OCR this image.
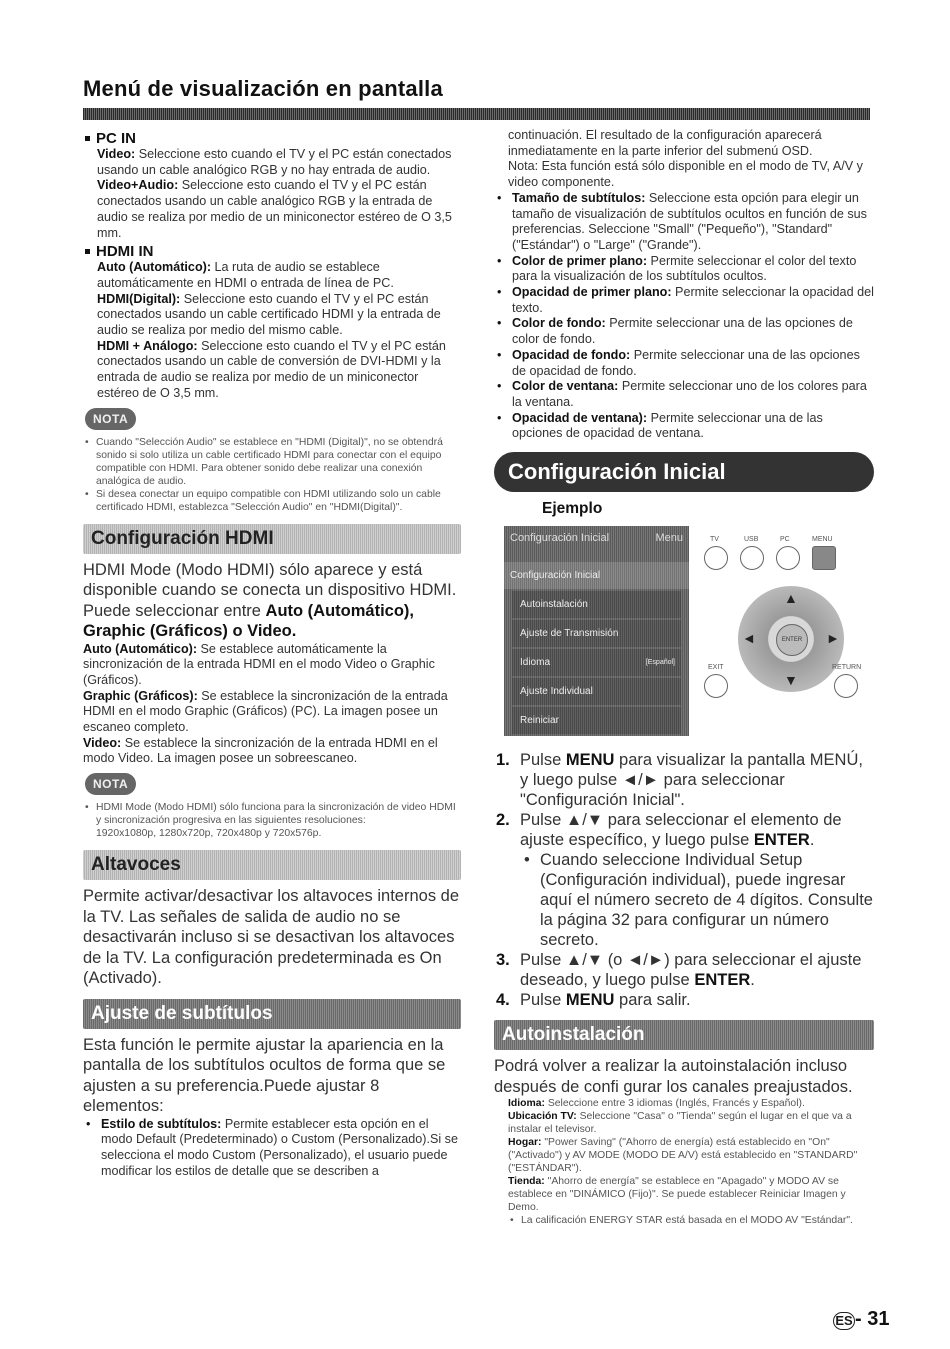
Menú de visualización en pantalla
PC IN

Video: Seleccione esto cuando el TV y el PC están conectados usando un cable analógico RGB y no hay entrada de audio.

Video+Audio: Seleccione esto cuando el TV y el PC están conectados usando un cable analógico RGB y la entrada de audio se realiza por medio de un miniconector estéreo de O 3,5 mm.

HDMI IN

Auto (Automático): La ruta de audio se establece automáticamente en HDMI o entrada de línea de PC.

HDMI(Digital): Seleccione esto cuando el TV y el PC están conectados usando un cable certificado HDMI y la entrada de audio se realiza por medio del mismo cable.

HDMI + Análogo: Seleccione esto cuando el TV y el PC están conectados usando un cable de conversión de DVI-HDMI y la entrada de audio se realiza por medio de un miniconector estéreo de O 3,5 mm.

NOTA

• Cuando "Selección Audio" se establece en "HDMI (Digital)", no se obtendrá sonido si solo utiliza un cable certificado HDMI para conectar con el equipo compatible con HDMI. Para obtener sonido debe realizar una conexión analógica de audio.

• Si desea conectar un equipo compatible con HDMI utilizando solo un cable certificado HDMI, establezca "Selección Audio" en "HDMI(Digital)".

Configuración HDMI

HDMI Mode (Modo HDMI) sólo aparece y está disponible cuando se conecta un dispositivo HDMI.

Puede seleccionar entre Auto (Automático), Graphic (Gráficos) o Video.

Auto (Automático): Se establece automáticamente la sincronización de la entrada HDMI en el modo Video o Graphic (Gráficos).

Graphic (Gráficos): Se establece la sincronización de la entrada HDMI en el modo Graphic (Gráficos) (PC). La imagen posee un escaneo completo.

Video: Se establece la sincronización de la entrada HDMI en el modo Video. La imagen posee un sobreescaneo.

NOTA

• HDMI Mode (Modo HDMI) sólo funciona para la sincronización de video HDMI y sincronización progresiva en las siguientes resoluciones:

1920x1080p, 1280x720p, 720x480p y 720x576p.

Altavoces

Permite activar/desactivar los altavoces internos de la TV. Las señales de salida de audio no se desactivarán incluso si se desactivan los altavoces de la TV. La configuración predeterminada es On (Activado).

Ajuste de subtítulos

Esta función le permite ajustar la apariencia en la pantalla de los subtítulos ocultos de forma que se ajusten a su preferencia.Puede ajustar 8 elementos:

• Estilo de subtítulos: Permite establecer esta opción en el modo Default (Predeterminado) o Custom (Personalizado).Si se selecciona el modo Custom (Personalizado), el usuario puede modificar los estilos de detalle que se describen a

continuación. El resultado de la configuración aparecerá inmediatamente en la parte inferior del submenú OSD.

Nota: Esta función está sólo disponible en el modo de TV, A/V y video componente.

• Tamaño de subtítulos: Seleccione esta opción para elegir un tamaño de visualización de subtítulos ocultos en función de sus preferencias. Seleccione "Small" ("Pequeño"), "Standard" ("Estándar") o "Large" ("Grande").

• Color de primer plano: Permite seleccionar el color del texto para la visualización de los subtítulos ocultos.

• Opacidad de primer plano: Permite seleccionar la opacidad del texto.

• Color de fondo: Permite seleccionar una de las opciones de color de fondo.

• Opacidad de fondo: Permite seleccionar una de las opciones de opacidad de fondo.

• Color de ventana: Permite seleccionar uno de los colores para la ventana.

• Opacidad de ventana): Permite seleccionar una de las opciones de opacidad de ventana.

Configuración Inicial
Ejemplo
Configuración Inicial	Menu
Configuración Inicial
Autoinstalación
Ajuste de Transmisión
Idioma	[Español]
Ajuste Individual
Reiniciar
TV	USB	PC	MENU
▲
▼
◄	►
ENTER
EXIT	RETURN
1. Pulse MENU para visualizar la pantalla MENÚ, y luego pulse ◄/► para seleccionar "Configuración Inicial".
2. Pulse ▲/▼ para seleccionar el elemento de ajuste específico, y luego pulse ENTER.
• Cuando seleccione Individual Setup (Configuración individual), puede ingresar aquí el número secreto de 4 dígitos. Consulte la página 32 para configurar un número secreto.
3. Pulse ▲/▼ (o ◄/►) para seleccionar el ajuste deseado, y luego pulse ENTER.
4. Pulse MENU para salir.
Autoinstalación

Podrá volver a realizar la autoinstalación incluso después de confi gurar los canales preajustados.

Idioma: Seleccione entre 3 idiomas (Inglés, Francés y Español).

Ubicación TV: Seleccione "Casa" o "Tienda" según el lugar en el que va a instalar el televisor.

Hogar: "Power Saving" ("Ahorro de energía) está establecido en "On" ("Activado") y AV MODE (MODO DE A/V) está establecido en "STANDARD" ("ESTÁNDAR").

Tienda: "Ahorro de energía" se establece en "Apagado" y MODO AV se establece en "DINÁMICO (Fijo)". Se puede establecer Reiniciar Imagen y Demo.

• La calificación ENERGY STAR está basada en el MODO AV "Estándar".

ES - 31
